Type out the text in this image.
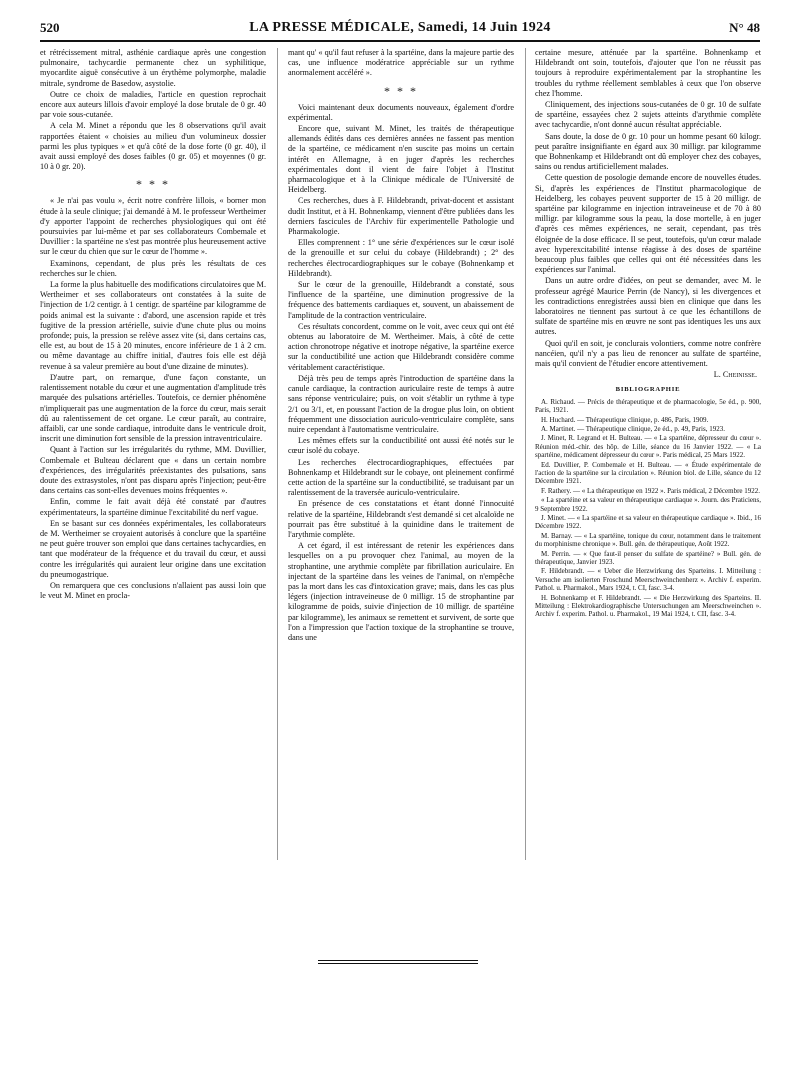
520	LA PRESSE MÉDICALE, Samedi, 14 Juin 1924	N° 48

et rétrécissement mitral, asthénie cardiaque après une congestion pulmonaire, tachycardie permanente chez un syphilitique, myocardite aiguë consécutive à un érythème polymorphe, maladie mitrale, syndrome de Basedow, asystolie.

Outre ce choix de maladies, l'article en question reprochait encore aux auteurs lillois d'avoir employé la dose brutale de 0 gr. 40 par voie sous-cutanée.

A cela M. Minet a répondu que les 8 observations qu'il avait rapportées étaient « choisies au milieu d'un volumineux dossier parmi les plus typiques » et qu'à côté de la dose forte (0 gr. 40), il avait aussi employé des doses faibles (0 gr. 05) et moyennes (0 gr. 10 à 0 gr. 20).

* * *

« Je n'ai pas voulu », écrit notre confrère lillois, « borner mon étude à la seule clinique; j'ai demandé à M. le professeur Wertheimer d'y apporter l'appoint de recherches physiologiques qui ont été poursuivies par lui-même et par ses collaborateurs Combemale et Duvillier : la spartéine ne s'est pas montrée plus heureusement active sur le cœur du chien que sur le cœur de l'homme ».

Examinons, cependant, de plus près les résultats de ces recherches sur le chien.

La forme la plus habituelle des modifications circulatoires que M. Wertheimer et ses collaborateurs ont constatées à la suite de l'injection de 1/2 centigr. à 1 centigr. de spartéine par kilogramme de poids animal est la suivante : d'abord, une ascension rapide et très fugitive de la pression artérielle, suivie d'une chute plus ou moins profonde; puis, la pression se relève assez vite (si, dans certains cas, elle est, au bout de 15 à 20 minutes, encore inférieure de 1 à 2 cm. ou même davantage au chiffre initial, d'autres fois elle est déjà revenue à sa valeur première au bout d'une dizaine de minutes).

D'autre part, on remarque, d'une façon constante, un ralentissement notable du cœur et une augmentation d'amplitude très marquée des pulsations artérielles. Toutefois, ce dernier phénomène n'impliquerait pas une augmentation de la force du cœur, mais serait dû au ralentissement de cet organe. Le cœur paraît, au contraire, affaibli, car une sonde cardiaque, introduite dans le ventricule droit, inscrit une diminution fort sensible de la pression intraventriculaire.

Quant à l'action sur les irrégularités du rythme, MM. Duvillier, Combemale et Bulteau déclarent que « dans un certain nombre d'expériences, des irrégularités préexistantes des pulsations, sans doute des extrasystoles, n'ont pas disparu après l'injection; peut-être dans certains cas sont-elles devenues moins fréquentes ».

Enfin, comme le fait avait déjà été constaté par d'autres expérimentateurs, la spartéine diminue l'excitabilité du nerf vague.

En se basant sur ces données expérimentales, les collaborateurs de M. Wertheimer se croyaient autorisés à conclure que la spartéine ne peut guère trouver son emploi que dans certaines tachycardies, en tant que modérateur de la fréquence et du travail du cœur, et aussi contre les irrégularités qui auraient leur origine dans une excitation du pneumogastrique.

On remarquera que ces conclusions n'allaient pas aussi loin que le veut M. Minet en procla-

mant qu' « qu'il faut refuser à la spartéine, dans la majeure partie des cas, une influence modératrice appréciable sur un rythme anormalement accéléré ».

* * *

Voici maintenant deux documents nouveaux, également d'ordre expérimental.

Encore que, suivant M. Minet, les traités de thérapeutique allemands édités dans ces dernières années ne fassent pas mention de la spartéine, ce médicament n'en suscite pas moins un certain intérêt en Allemagne, à en juger d'après les recherches expérimentales dont il vient de faire l'objet à l'Institut pharmacologique et à la Clinique médicale de l'Université de Heidelberg.

Ces recherches, dues à F. Hildebrandt, privat-docent et assistant dudit Institut, et à H. Bohnenkamp, viennent d'être publiées dans les derniers fascicules de l'Archiv für experimentelle Pathologie und Pharmakologie.

Elles comprennent : 1° une série d'expériences sur le cœur isolé de la grenouille et sur celui du cobaye (Hildebrandt) ; 2° des recherches électrocardiographiques sur le cobaye (Bohnenkamp et Hildebrandt).

Sur le cœur de la grenouille, Hildebrandt a constaté, sous l'influence de la spartéine, une diminution progressive de la fréquence des battements cardiaques et, souvent, un abaissement de l'amplitude de la contraction ventriculaire.

Ces résultats concordent, comme on le voit, avec ceux qui ont été obtenus au laboratoire de M. Wertheimer. Mais, à côté de cette action chronotrope négative et inotrope négative, la spartéine exerce sur la conductibilité une action que Hildebrandt considère comme véritablement caractéristique.

Déjà très peu de temps après l'introduction de spartéine dans la canule cardiaque, la contraction auriculaire reste de temps à autre sans réponse ventriculaire; puis, on voit s'établir un rythme à type 2/1 ou 3/1, et, en poussant l'action de la drogue plus loin, on obtient fréquemment une dissociation auriculo-ventriculaire complète, sans nuire cependant à l'automatisme ventriculaire.

Les mêmes effets sur la conductibilité ont aussi été notés sur le cœur isolé du cobaye.

Les recherches électrocardiographiques, effectuées par Bohnenkamp et Hildebrandt sur le cobaye, ont pleinement confirmé cette action de la spartéine sur la conductibilité, se traduisant par un ralentissement de la traversée auriculo-ventriculaire.

En présence de ces constatations et étant donné l'innocuité relative de la spartéine, Hildebrandt s'est demandé si cet alcaloïde ne pourrait pas être substitué à la quinidine dans le traitement de l'arythmie complète.

A cet égard, il est intéressant de retenir les expériences dans lesquelles on a pu provoquer chez l'animal, au moyen de la strophantine, une arythmie complète par fibrillation auriculaire. En injectant de la spartéine dans les veines de l'animal, on n'empêche pas la mort dans les cas d'intoxication grave; mais, dans les cas plus légers (injection intraveineuse de 0 milligr. 15 de strophantine par kilogramme de poids, suivie d'injection de 10 milligr. de spartéine par kilogramme), les animaux se remettent et survivent, de sorte que l'on a l'impression que l'action toxique de la strophantine se trouve, dans une

certaine mesure, atténuée par la spartéine. Bohnenkamp et Hildebrandt ont soin, toutefois, d'ajouter que l'on ne réussit pas toujours à reproduire expérimentalement par la strophantine les troubles du rythme réellement semblables à ceux que l'on observe chez l'homme.

Cliniquement, des injections sous-cutanées de 0 gr. 10 de sulfate de spartéine, essayées chez 2 sujets atteints d'arythmie complète avec tachycardie, n'ont donné aucun résultat appréciable.

Sans doute, la dose de 0 gr. 10 pour un homme pesant 60 kilogr. peut paraître insignifiante en égard aux 30 milligr. par kilogramme que Bohnenkamp et Hildebrandt ont dû employer chez des cobayes, sains ou rendus artificiellement malades.

Cette question de posologie demande encore de nouvelles études. Si, d'après les expériences de l'Institut pharmacologique de Heidelberg, les cobayes peuvent supporter de 15 à 20 milligr. de spartéine par kilogramme en injection intraveineuse et de 70 à 80 milligr. par kilogramme sous la peau, la dose mortelle, à en juger d'après ces mêmes expériences, ne serait, cependant, pas très éloignée de la dose efficace. Il se peut, toutefois, qu'un cœur malade avec hyperexcitabilité intense réagisse à des doses de spartéine beaucoup plus faibles que celles qui ont été nécessitées dans les expériences sur l'animal.

Dans un autre ordre d'idées, on peut se demander, avec M. le professeur agrégé Maurice Perrin (de Nancy), si les divergences et les contradictions enregistrées aussi bien en clinique que dans les laboratoires ne tiennent pas surtout à ce que les échantillons de sulfate de spartéine mis en œuvre ne sont pas identiques les uns aux autres.

Quoi qu'il en soit, je conclurais volontiers, comme notre confrère nancéien, qu'il n'y a pas lieu de renoncer au sulfate de spartéine, mais qu'il convient de l'étudier encore attentivement.

L. Cheinisse.
BIBLIOGRAPHIE

A. Richaud. — Précis de thérapeutique et de pharmacologie, 5e éd., p. 900, Paris, 1921.

H. Huchard. — Thérapeutique clinique, p. 486, Paris, 1909.

A. Martinet. — Thérapeutique clinique, 2e éd., p. 49, Paris, 1923.

J. Minet, R. Legrand et H. Bulteau. — « La spartéine, dépresseur du cœur ». Réunion méd.-chir. des hôp. de Lille, séance du 16 Janvier 1922. — « La spartéine, médicament dépresseur du cœur ». Paris médical, 25 Mars 1922.

Ed. Duvillier, P. Combemale et H. Bulteau. — « Étude expérimentale de l'action de la spartéine sur la circulation ». Réunion biol. de Lille, séance du 12 Décembre 1921.

F. Rathery. — « La thérapeutique en 1922 ». Paris médical, 2 Décembre 1922.

« La spartéine et sa valeur en thérapeutique cardiaque ». Journ. des Praticiens, 9 Septembre 1922.

J. Minet. — « La spartéine et sa valeur en thérapeutique cardiaque ». Ibid., 16 Décembre 1922.

M. Barnay. — « La spartéine, tonique du cœur, notamment dans le traitement du morphinisme chronique ». Bull. gén. de thérapeutique, Août 1922.

M. Perrin. — « Que faut-il penser du sulfate de spartéine? » Bull. gén. de thérapeutique, Janvier 1923.

F. Hildebrandt. — « Ueber die Herzwirkung des Sparteins. I. Mitteilung : Versuche am isolierten Froschund Meerschweinchenherz ». Archiv f. experim. Pathol. u. Pharmakol., Mars 1924, t. CI, fasc. 3-4.

H. Bohnenkamp et F. Hildebrandt. — « Die Herzwirkung des Sparteins. II. Mitteilung : Elektrokardiographische Untersuchungen am Meerschweinchen ». Archiv f. experim. Pathol. u. Pharmakol., 19 Mai 1924, t. CII, fasc. 3-4.
